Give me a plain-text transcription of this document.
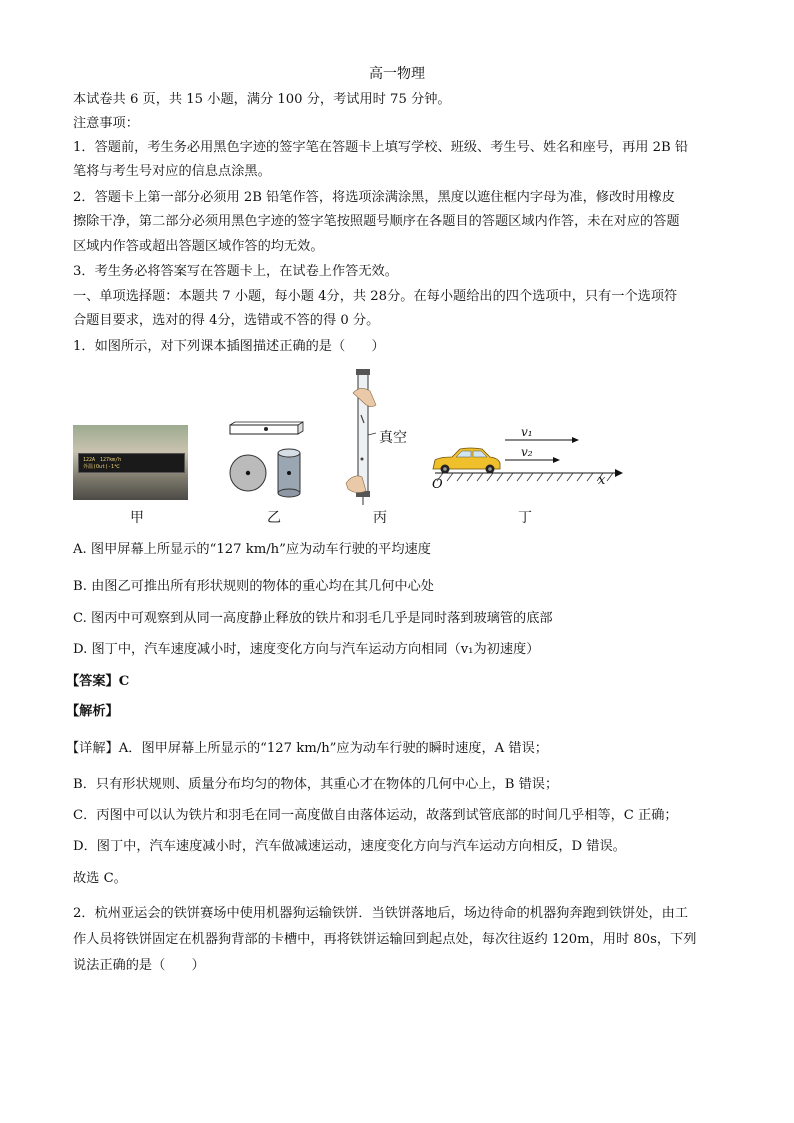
高一物理
本试卷共 6 页，共 15 小题，满分 100 分，考试用时 75 分钟。
注意事项：
1．答题前，考生务必用黑色字迹的签字笔在答题卡上填写学校、班级、考生号、姓名和座号，再用 2B 铅
笔将与考生号对应的信息点涂黑。
2．答题卡上第一部分必须用 2B 铅笔作答，将选项涂满涂黑，黑度以遮住框内字母为准，修改时用橡皮
擦除干净，第二部分必须用黑色字迹的签字笔按照题号顺序在各题目的答题区域内作答，未在对应的答题
区域内作答或超出答题区域作答的均无效。
3．考生务必将答案写在答题卡上，在试卷上作答无效。
一、单项选择题：本题共 7 小题，每小题 4分，共 28分。在每小题给出的四个选项中，只有一个选项符
合题目要求，选对的得 4分，选错或不答的得 0 分。
1．如图所示，对下列课本插图描述正确的是（　　）
122A　127km/h
外温(Out)-1℃
真空	v₁
v₂
O	x
甲	乙	丙	丁
A. 图甲屏幕上所显示的“127 km/h”应为动车行驶的平均速度
B. 由图乙可推出所有形状规则的物体的重心均在其几何中心处
C. 图丙中可观察到从同一高度静止释放的铁片和羽毛几乎是同时落到玻璃管的底部
D. 图丁中，汽车速度减小时，速度变化方向与汽车运动方向相同（v₁为初速度）
【答案】C
【解析】
【详解】A．图甲屏幕上所显示的“127 km/h”应为动车行驶的瞬时速度，A 错误；
B．只有形状规则、质量分布均匀的物体，其重心才在物体的几何中心上，B 错误；
C．丙图中可以认为铁片和羽毛在同一高度做自由落体运动，故落到试管底部的时间几乎相等，C 正确；
D．图丁中，汽车速度减小时，汽车做减速运动，速度变化方向与汽车运动方向相反，D 错误。
故选 C。
2．杭州亚运会的铁饼赛场中使用机器狗运输铁饼．当铁饼落地后，场边待命的机器狗奔跑到铁饼处，由工
作人员将铁饼固定在机器狗背部的卡槽中，再将铁饼运输回到起点处，每次往返约 120m，用时 80s，下列
说法正确的是（　　）
